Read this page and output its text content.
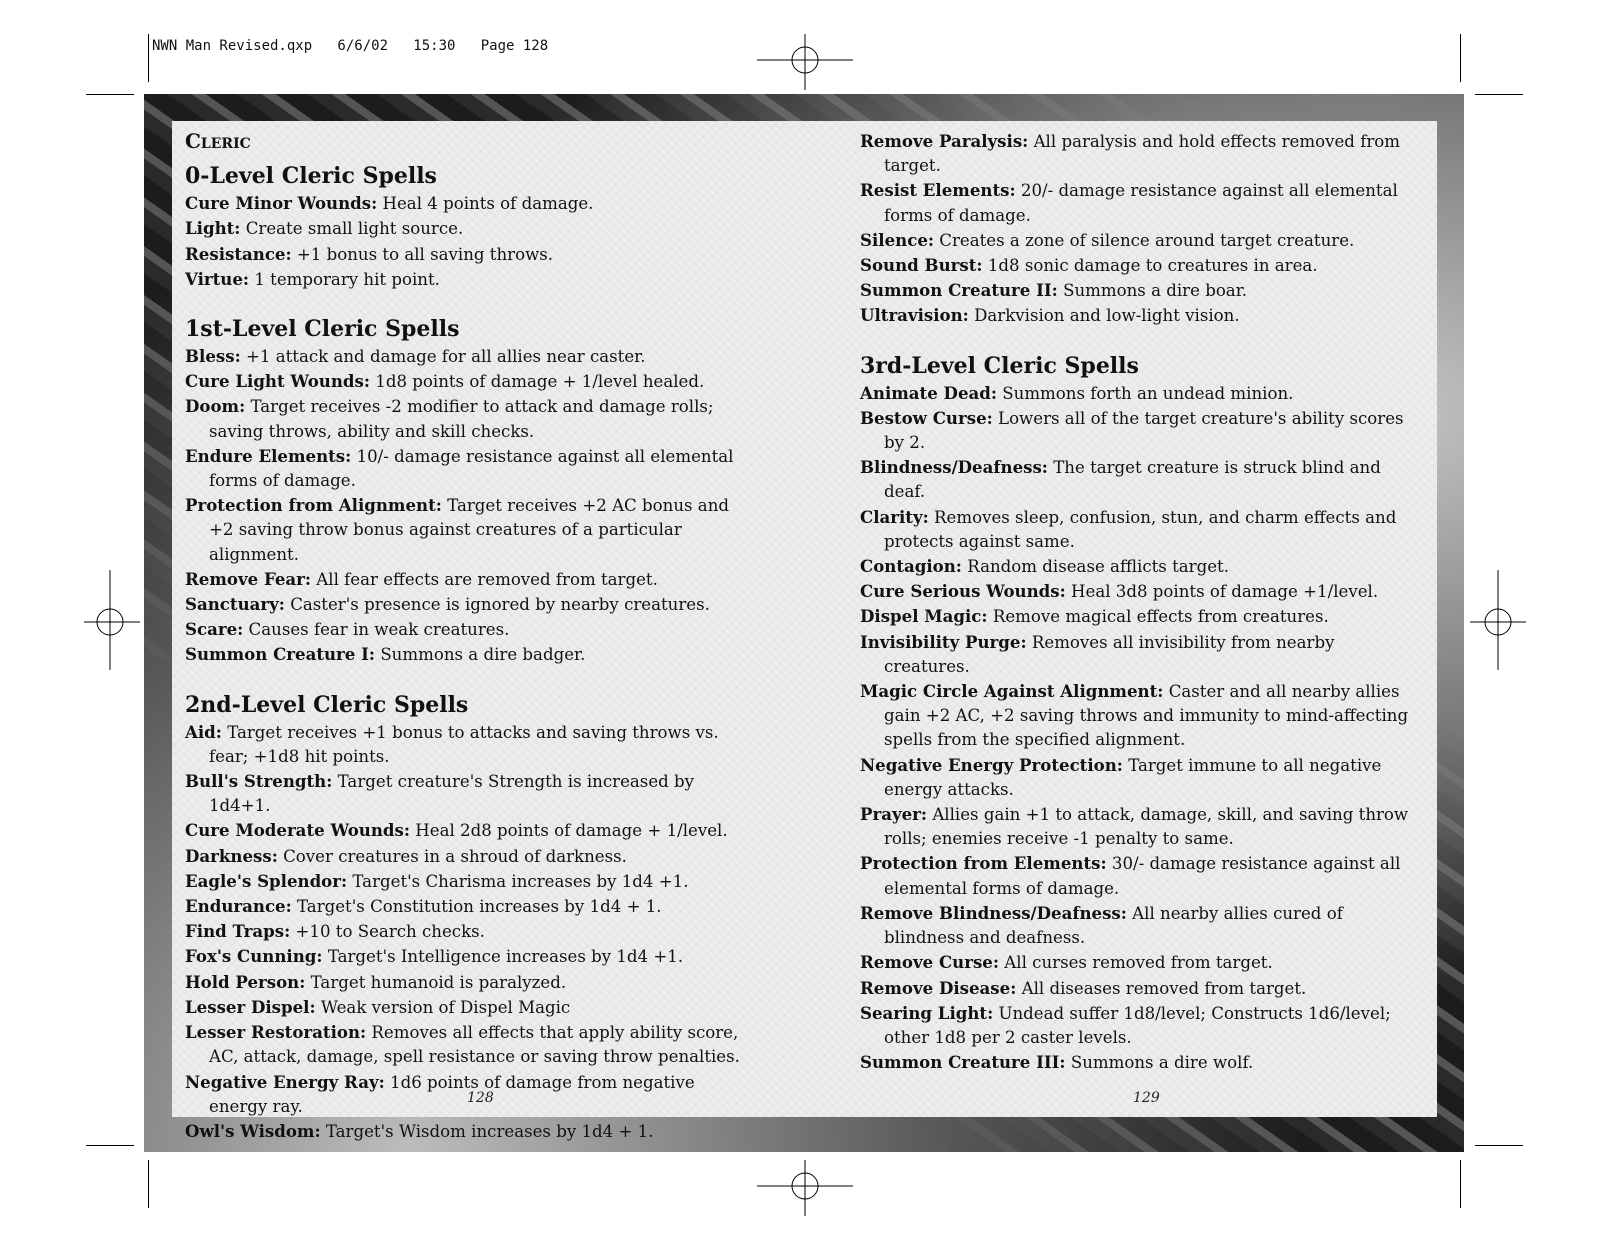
NWN Man Revised.qxp   6/6/02   15:30   Page 128
Cleric
0-Level Cleric Spells

Cure Minor Wounds: Heal 4 points of damage.

Light: Create small light source.

Resistance: +1 bonus to all saving throws.

Virtue: 1 temporary hit point.

1st-Level Cleric Spells

Bless: +1 attack and damage for all allies near caster.

Cure Light Wounds: 1d8 points of damage + 1/level healed.

Doom: Target receives -2 modifier to attack and damage rolls; saving throws, ability and skill checks.

Endure Elements: 10/- damage resistance against all elemental forms of damage.

Protection from Alignment: Target receives +2 AC bonus and +2 saving throw bonus against creatures of a particular alignment.

Remove Fear: All fear effects are removed from target.

Sanctuary: Caster's presence is ignored by nearby creatures.

Scare: Causes fear in weak creatures.

Summon Creature I: Summons a dire badger.

2nd-Level Cleric Spells

Aid: Target receives +1 bonus to attacks and saving throws vs. fear; +1d8 hit points.

Bull's Strength: Target creature's Strength is increased by 1d4+1.

Cure Moderate Wounds: Heal 2d8 points of damage + 1/level.

Darkness: Cover creatures in a shroud of darkness.

Eagle's Splendor: Target's Charisma increases by 1d4 +1.

Endurance: Target's Constitution increases by 1d4 + 1.

Find Traps: +10 to Search checks.

Fox's Cunning: Target's Intelligence increases by 1d4 +1.

Hold Person: Target humanoid is paralyzed.

Lesser Dispel: Weak version of Dispel Magic

Lesser Restoration: Removes all effects that apply ability score, AC, attack, damage, spell resistance or saving throw penalties.

Negative Energy Ray: 1d6 points of damage from negative energy ray.

Owl's Wisdom: Target's Wisdom increases by 1d4 + 1.

Remove Paralysis: All paralysis and hold effects removed from target.

Resist Elements: 20/- damage resistance against all elemental forms of damage.

Silence: Creates a zone of silence around target creature.

Sound Burst: 1d8 sonic damage to creatures in area.

Summon Creature II: Summons a dire boar.

Ultravision: Darkvision and low-light vision.

3rd-Level Cleric Spells

Animate Dead: Summons forth an undead minion.

Bestow Curse: Lowers all of the target creature's ability scores by 2.

Blindness/Deafness: The target creature is struck blind and deaf.

Clarity: Removes sleep, confusion, stun, and charm effects and protects against same.

Contagion: Random disease afflicts target.

Cure Serious Wounds: Heal 3d8 points of damage +1/level.

Dispel Magic: Remove magical effects from creatures.

Invisibility Purge: Removes all invisibility from nearby creatures.

Magic Circle Against Alignment: Caster and all nearby allies gain +2 AC, +2 saving throws and immunity to mind-affecting spells from the specified alignment.

Negative Energy Protection: Target immune to all negative energy attacks.

Prayer: Allies gain +1 to attack, damage, skill, and saving throw rolls; enemies receive -1 penalty to same.

Protection from Elements: 30/- damage resistance against all elemental forms of damage.

Remove Blindness/Deafness: All nearby allies cured of blindness and deafness.

Remove Curse: All curses removed from target.

Remove Disease: All diseases removed from target.

Searing Light: Undead suffer 1d8/level; Constructs 1d6/level; other 1d8 per 2 caster levels.

Summon Creature III: Summons a dire wolf.

128	129
